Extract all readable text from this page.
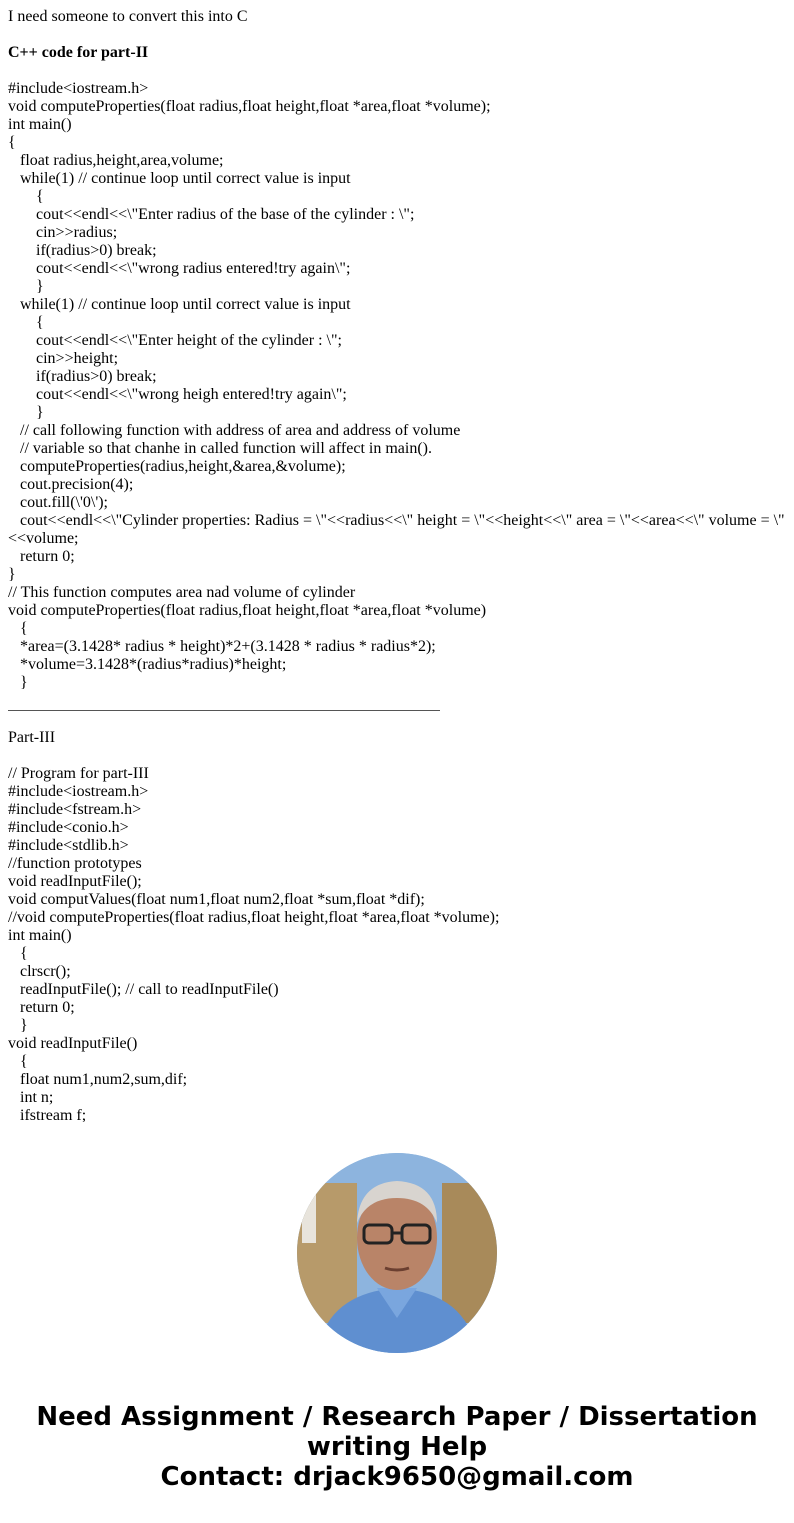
I need someone to convert this into C

C++ code for part-II

#include<iostream.h>
void computeProperties(float radius,float height,float *area,float *volume);
int main()
{
float radius,height,area,volume;
while(1) // continue loop until correct value is input
{
cout<<endl<<\"Enter radius of the base of the cylinder : \";
cin>>radius;
if(radius>0) break;
cout<<endl<<\"wrong radius entered!try again\";
}
while(1) // continue loop until correct value is input
{
cout<<endl<<\"Enter height of the cylinder : \";
cin>>height;
if(radius>0) break;
cout<<endl<<\"wrong heigh entered!try again\";
}
// call following function with address of area and address of volume
// variable so that chanhe in called function will affect in main().
computeProperties(radius,height,&area,&volume);
cout.precision(4);
cout.fill(\'0\');
cout<<endl<<\"Cylinder properties: Radius = \"<<radius<<\" height = \"<<height<<\" area = \"<<area<<\" volume = \"
<<volume;
return 0;
}
// This function computes area nad volume of cylinder
void computeProperties(float radius,float height,float *area,float *volume)
{
*area=(3.1428* radius * height)*2+(3.1428 * radius * radius*2);
*volume=3.1428*(radius*radius)*height;
}

Part-III

// Program for part-III
#include<iostream.h>
#include<fstream.h>
#include<conio.h>
#include<stdlib.h>
//function prototypes
void readInputFile();
void computValues(float num1,float num2,float *sum,float *dif);
//void computeProperties(float radius,float height,float *area,float *volume);
int main()
{
clrscr();
readInputFile(); // call to readInputFile()
return 0;
}
void readInputFile()
{
float num1,num2,sum,dif;
int n;
ifstream f;
Need Assignment / Research Paper / Dissertation
writing Help
Contact: drjack9650@gmail.com
